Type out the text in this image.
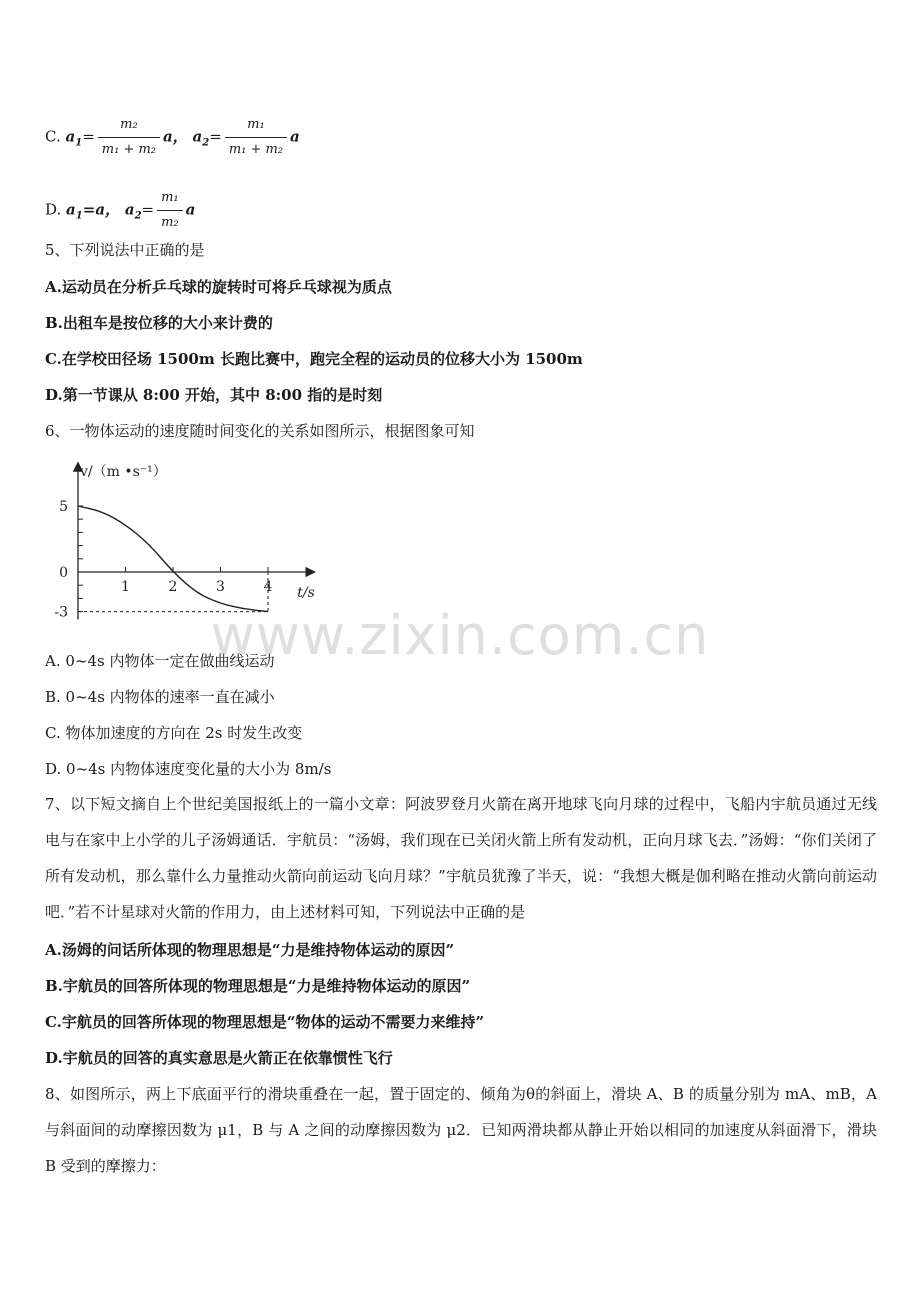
C. $a_1= \frac{\text{m₂}}{\text{m₁ + m₂}}$ a， $a_2= \frac{\text{m₁}}{\text{m₁ + m₂}}$ a
D. $a_1=a$， $a_2= \frac{\text{m₁}}{\text{m₂}}$ a
5、下列说法中正确的是
A.运动员在分析乒乓球的旋转时可将乒乓球视为质点
B.出租车是按位移的大小来计费的
C.在学校田径场 1500m 长跑比赛中，跑完全程的运动员的位移大小为 1500m
D.第一节课从 8:00 开始，其中 8:00 指的是时刻
6、一物体运动的速度随时间变化的关系如图所示，根据图象可知
1	2	3	4
5
0
-3
v/（m •s⁻¹）
t/s
A. 0~4s 内物体一定在做曲线运动
B. 0~4s 内物体的速率一直在减小
C. 物体加速度的方向在 2s 时发生改变
D. 0~4s 内物体速度变化量的大小为 8m/s
7、以下短文摘自上个世纪美国报纸上的一篇小文章：阿波罗登月火箭在离开地球飞向月球的过程中，飞船内宇航员通过无线电与在家中上小学的儿子汤姆通话．宇航员：“汤姆，我们现在已关闭火箭上所有发动机，正向月球飞去．”汤姆：“你们关闭了所有发动机，那么靠什么力量推动火箭向前运动飞向月球？”宇航员犹豫了半天，说：“我想大概是伽利略在推动火箭向前运动吧．”若不计星球对火箭的作用力，由上述材料可知，下列说法中正确的是
A.汤姆的问话所体现的物理思想是“力是维持物体运动的原因”
B.宇航员的回答所体现的物理思想是“力是维持物体运动的原因”
C.宇航员的回答所体现的物理思想是“物体的运动不需要力来维持”
D.宇航员的回答的真实意思是火箭正在依靠惯性飞行
8、如图所示，两上下底面平行的滑块重叠在一起，置于固定的、倾角为θ的斜面上，滑块 A、B 的质量分别为 mA、mB，A 与斜面间的动摩擦因数为 μ1，B 与 A 之间的动摩擦因数为 μ2．已知两滑块都从静止开始以相同的加速度从斜面滑下，滑块 B 受到的摩擦力：
www.zixin.com.cn
